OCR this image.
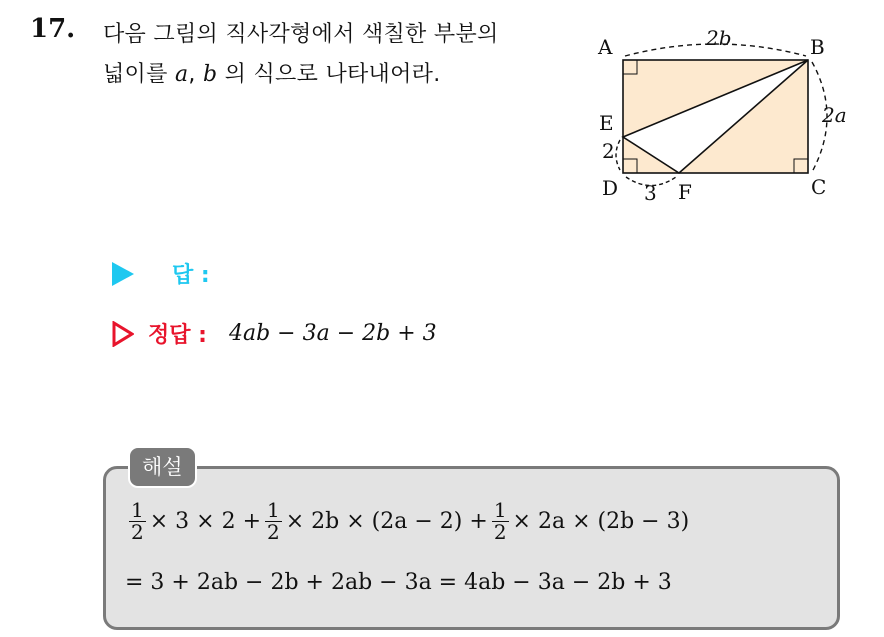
17. 다음 그림의 직사각형에서 색칠한 부분의
넓이를 a, b 의 식으로 나타내어라.
A	B
C
D
E
F
2b
2a
2
3
답 :
정답 : 4ab − 3a − 2b + 3
해설
$\frac{1}{2} \times 3 \times 2 + \frac{1}{2} \times 2b \times (2a - 2) + \frac{1}{2} \times 2a \times (2b - 3)$
= 3 + 2ab − 2b + 2ab − 3a = 4ab − 3a − 2b + 3
